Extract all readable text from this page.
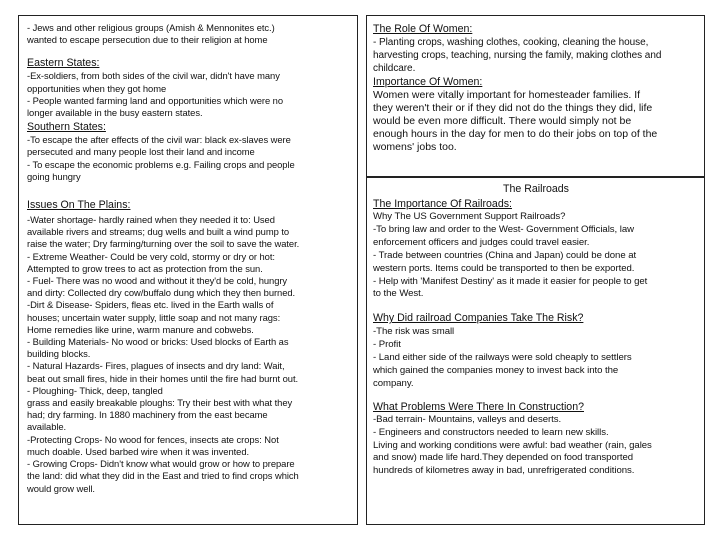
- Jews and other religious groups (Amish & Mennonites etc.)
wanted to escape persecution due to their religion at home

Eastern States:

-Ex-soldiers, from both sides of the civil war, didn't have many
opportunities when they got home
- People wanted farming land and opportunities which were no
longer available in the busy eastern states.

Southern States:

-To escape the after effects of the civil war: black ex-slaves were
persecuted and many people lost their land and income
- To escape the economic problems e.g. Failing crops and people
going hungry

Issues On The Plains:

-Water shortage- hardly rained when they needed it to: Used
available rivers and streams; dug wells and built a wind pump to
raise the water; Dry farming/turning over the soil to save the water.
- Extreme Weather- Could be very cold, stormy or dry or hot:
Attempted to grow trees to act as protection from the sun.
- Fuel- There was no wood and without it they'd be cold, hungry
and dirty: Collected dry cow/buffalo dung which they then burned.
-Dirt & Disease- Spiders, fleas etc. lived in the Earth walls of
houses; uncertain water supply, little soap and not many rags:
Home remedies like urine, warm manure and cobwebs.
- Building Materials- No wood or bricks: Used blocks of Earth as
building blocks.
- Natural Hazards- Fires, plagues of insects and dry land: Wait,
beat out small fires, hide in their homes until the fire had burnt out.
- Ploughing- Thick, deep, tangled
grass and easily breakable ploughs: Try their best with what they
had; dry farming. In 1880 machinery from the east became
available.
-Protecting Crops- No wood for fences, insects ate crops: Not
much doable. Used barbed wire when it was invented.
- Growing Crops- Didn't know what would grow or how to prepare
the land: did what they did in the East and tried to find crops which
would grow well.

The Role Of Women:

- Planting crops, washing clothes, cooking, cleaning the house,
harvesting crops, teaching, nursing the family, making clothes and
childcare.

Importance Of Women:

Women were vitally important for homesteader families. If
they weren't their or if they did not do the things they did, life
would be even more difficult. There would simply not be
enough hours in the day for men to do their jobs on top of the
womens' jobs too.

The Railroads

The Importance Of Railroads:

Why The US Government Support Railroads?
-To bring law and order to the West- Government Officials, law
enforcement officers and judges could travel easier.
- Trade between countries (China and Japan) could be done at
western ports. Items could be transported to then be exported.
- Help with 'Manifest Destiny' as it made it easier for people to get
to the West.

Why Did railroad Companies Take The Risk?

-The risk was small
- Profit
- Land either side of the railways were sold cheaply to settlers
which gained the companies money to invest back into the
company.

What Problems Were There In Construction?

-Bad terrain- Mountains, valleys and deserts.
- Engineers and constructors needed to learn new skills.
Living and working conditions were awful: bad weather (rain, gales
and snow) made life hard.They depended on food transported
hundreds of kilometres away in bad, unrefrigerated conditions.
